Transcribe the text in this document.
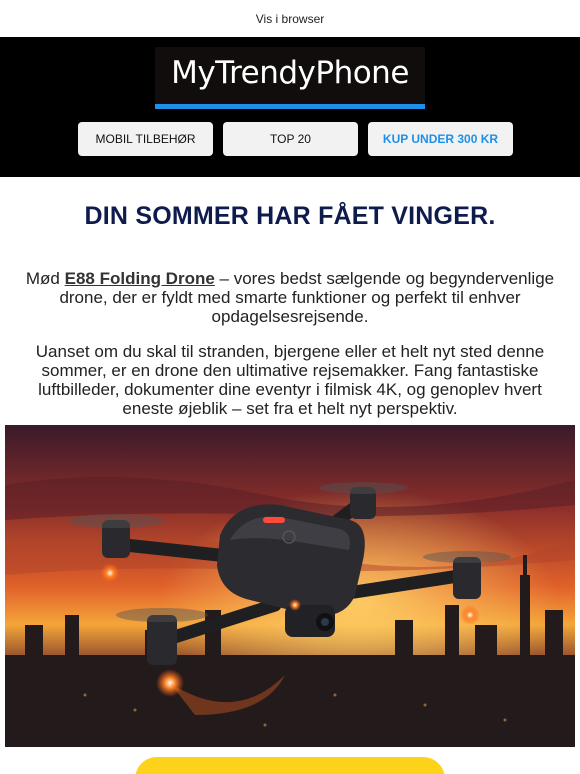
Vis i browser
MyTrendyPhone
MOBIL TILBEHØR	TOP 20	KUP UNDER 300 KR
DIN SOMMER HAR FÅET VINGER.

Mød E88 Folding Drone – vores bedst sælgende og begyndervenlige drone, der er fyldt med smarte funktioner og perfekt til enhver opdagelsesrejsende.

Uanset om du skal til stranden, bjergene eller et helt nyt sted denne sommer, er en drone den ultimative rejsemakker. Fang fantastiske luftbilleder, dokumenter dine eventyr i filmisk 4K, og genoplev hvert eneste øjeblik – set fra et helt nyt perspektiv.
